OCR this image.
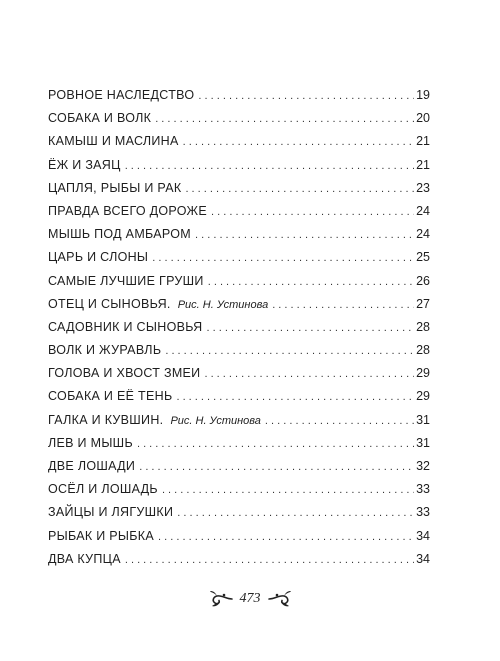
РОВНОЕ НАСЛЕДСТВО . . .	19
СОБАКА И ВОЛК . . .	20
КАМЫШ И МАСЛИНА . . .	21
ЁЖ И ЗАЯЦ . . .	21
ЦАПЛЯ, РЫБЫ И РАК . . .	23
ПРАВДА ВСЕГО ДОРОЖЕ . . .	24
МЫШЬ ПОД АМБАРОМ . . .	24
ЦАРЬ И СЛОНЫ . . .	25
САМЫЕ ЛУЧШИЕ ГРУШИ . . .	26
ОТЕЦ И СЫНОВЬЯ. Рис. Н. Устинова . . .	27
САДОВНИК И СЫНОВЬЯ . . .	28
ВОЛК И ЖУРАВЛЬ . . .	28
ГОЛОВА И ХВОСТ ЗМЕИ . . .	29
СОБАКА И ЕЁ ТЕНЬ . . .	29
ГАЛКА И КУВШИН. Рис. Н. Устинова . . .	31
ЛЕВ И МЫШЬ . . .	31
ДВЕ ЛОШАДИ . . .	32
ОСЁЛ И ЛОШАДЬ . . .	33
ЗАЙЦЫ И ЛЯГУШКИ . . .	33
РЫБАК И РЫБКА . . .	34
ДВА КУПЦА . . .	34
473
